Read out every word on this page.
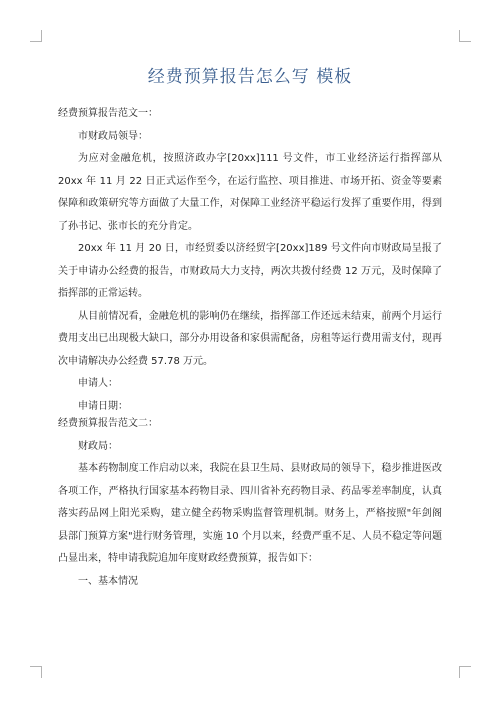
经费预算报告怎么写 模板

经费预算报告范文一：

市财政局领导：

为应对金融危机，按照济政办字[20xx]111 号文件，市工业经济运行指挥部从20xx 年 11 月 22 日正式运作至今，在运行监控、项目推进、市场开拓、资金等要素保障和政策研究等方面做了大量工作，对保障工业经济平稳运行发挥了重要作用，得到了孙书记、张市长的充分肯定。

20xx 年 11 月 20 日，市经贸委以济经贸字[20xx]189 号文件向市财政局呈报了关于申请办公经费的报告，市财政局大力支持，两次共拨付经费 12 万元，及时保障了指挥部的正常运转。

从目前情况看，金融危机的影响仍在继续，指挥部工作还远未结束，前两个月运行费用支出已出现极大缺口，部分办用设备和家俱需配备，房租等运行费用需支付，现再次申请解决办公经费 57.78 万元。

申请人：

申请日期：

经费预算报告范文二：

财政局：

基本药物制度工作启动以来，我院在县卫生局、县财政局的领导下，稳步推进医改各项工作，严格执行国家基本药物目录、四川省补充药物目录、药品零差率制度，认真落实药品网上阳光采购，建立健全药物采购监督管理机制。财务上，严格按照"年剑阁县部门预算方案"进行财务管理，实施 10 个月以来，经费严重不足、人员不稳定等问题凸显出来，特申请我院追加年度财政经费预算，报告如下：

一、基本情况
